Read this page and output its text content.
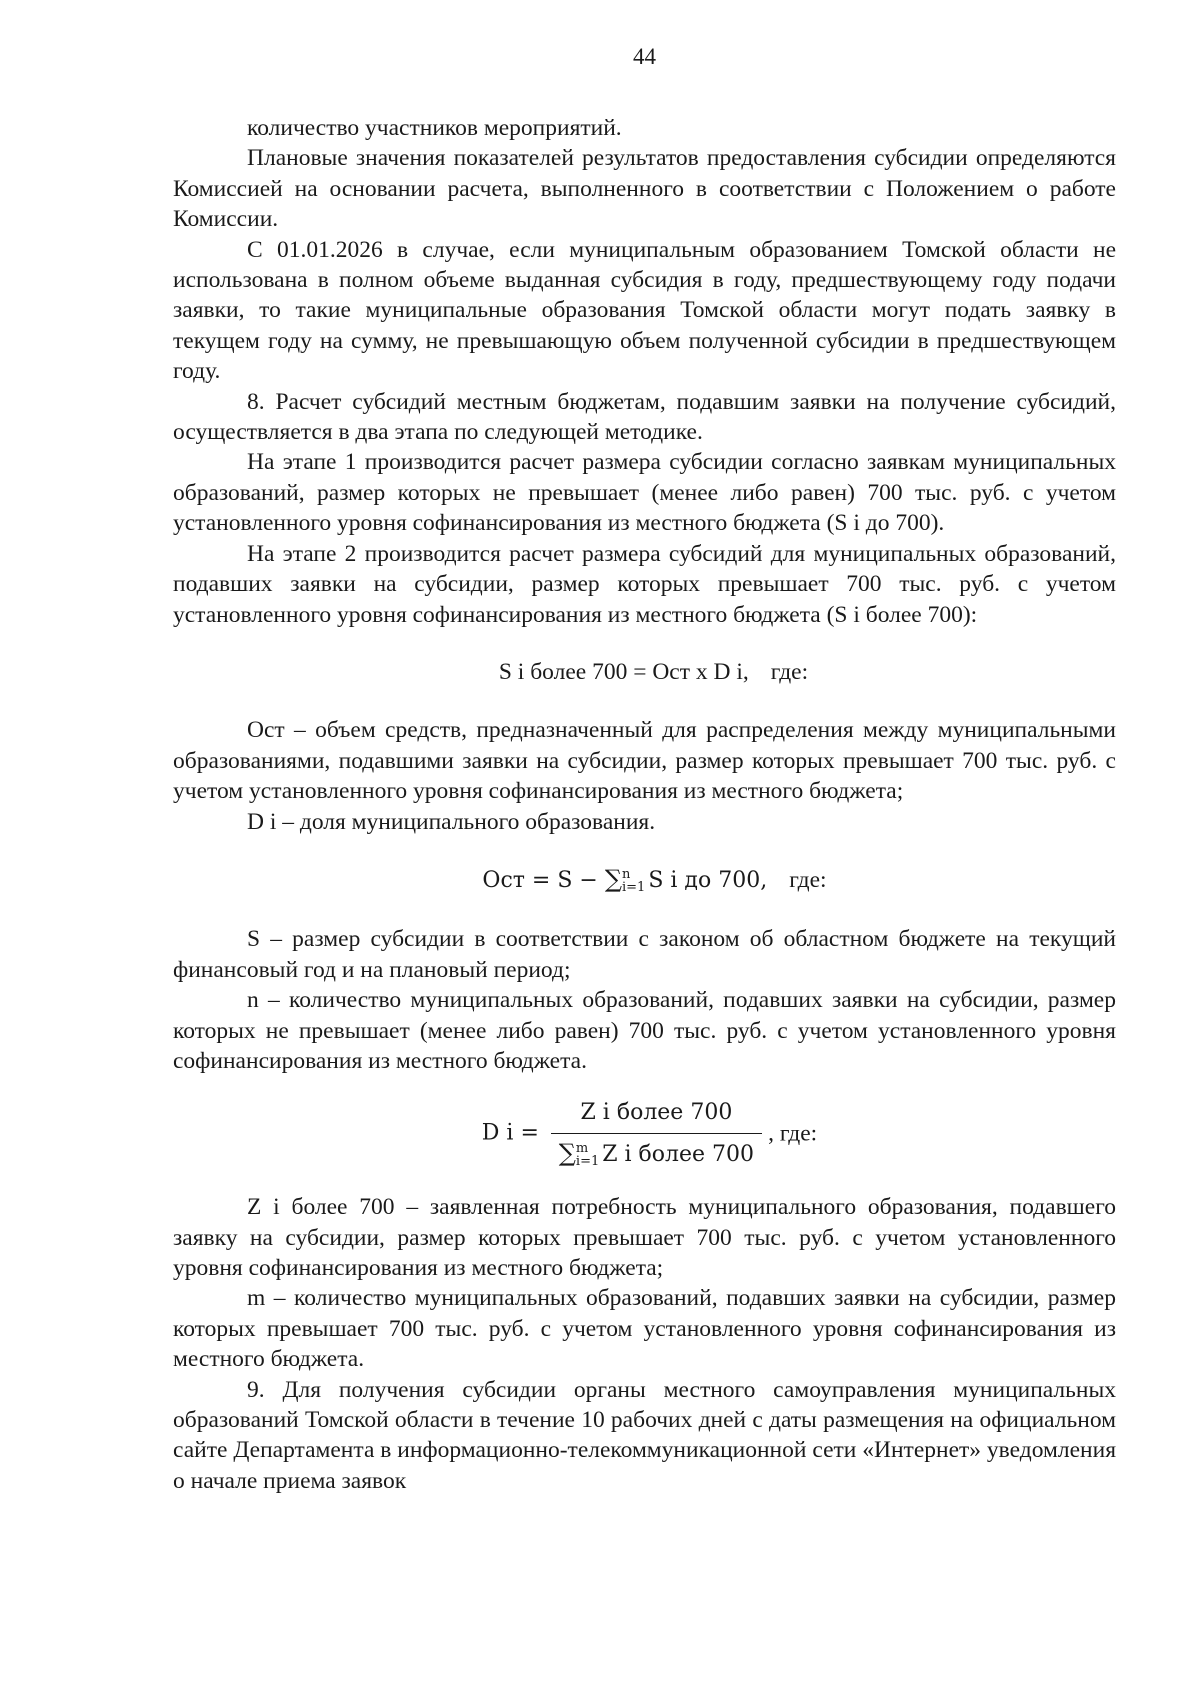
44

количество участников мероприятий.

Плановые значения показателей результатов предоставления субсидии определяются Комиссией на основании расчета, выполненного в соответствии с Положением о работе Комиссии.

С 01.01.2026 в случае, если муниципальным образованием Томской области не использована в полном объеме выданная субсидия в году, предшествующему году подачи заявки, то такие муниципальные образования Томской области могут подать заявку в текущем году на сумму, не превышающую объем полученной субсидии в предшествующем году.

8. Расчет субсидий местным бюджетам, подавшим заявки на получение субсидий, осуществляется в два этапа по следующей методике.

На этапе 1 производится расчет размера субсидии согласно заявкам муниципальных образований, размер которых не превышает (менее либо равен) 700 тыс. руб. с учетом установленного уровня софинансирования из местного бюджета (S i до 700).

На этапе 2 производится расчет размера субсидий для муниципальных образований, подавших заявки на субсидии, размер которых превышает 700 тыс. руб. с учетом установленного уровня софинансирования из местного бюджета (S i более 700):

S i более 700 = Ост x D i, где:

Ост – объем средств, предназначенный для распределения между муниципальными образованиями, подавшими заявки на субсидии, размер которых превышает 700 тыс. руб. с учетом установленного уровня софинансирования из местного бюджета;

D i – доля муниципального образования.

Ост = S − ∑ n
i=1 S i до 700, где:

S – размер субсидии в соответствии с законом об областном бюджете на текущий финансовый год и на плановый период;

n – количество муниципальных образований, подавших заявки на субсидии, размер которых не превышает (менее либо равен) 700 тыс. руб. с учетом установленного уровня софинансирования из местного бюджета.

D i = Z i более 700
∑ m
i=1 Z i более 700 , где:

Z i более 700 – заявленная потребность муниципального образования, подавшего заявку на субсидии, размер которых превышает 700 тыс. руб. с учетом установленного уровня софинансирования из местного бюджета;

m – количество муниципальных образований, подавших заявки на субсидии, размер которых превышает 700 тыс. руб. с учетом установленного уровня софинансирования из местного бюджета.

9. Для получения субсидии органы местного самоуправления муниципальных образований Томской области в течение 10 рабочих дней с даты размещения на официальном сайте Департамента в информационно-телекоммуникационной сети «Интернет» уведомления о начале приема заявок
